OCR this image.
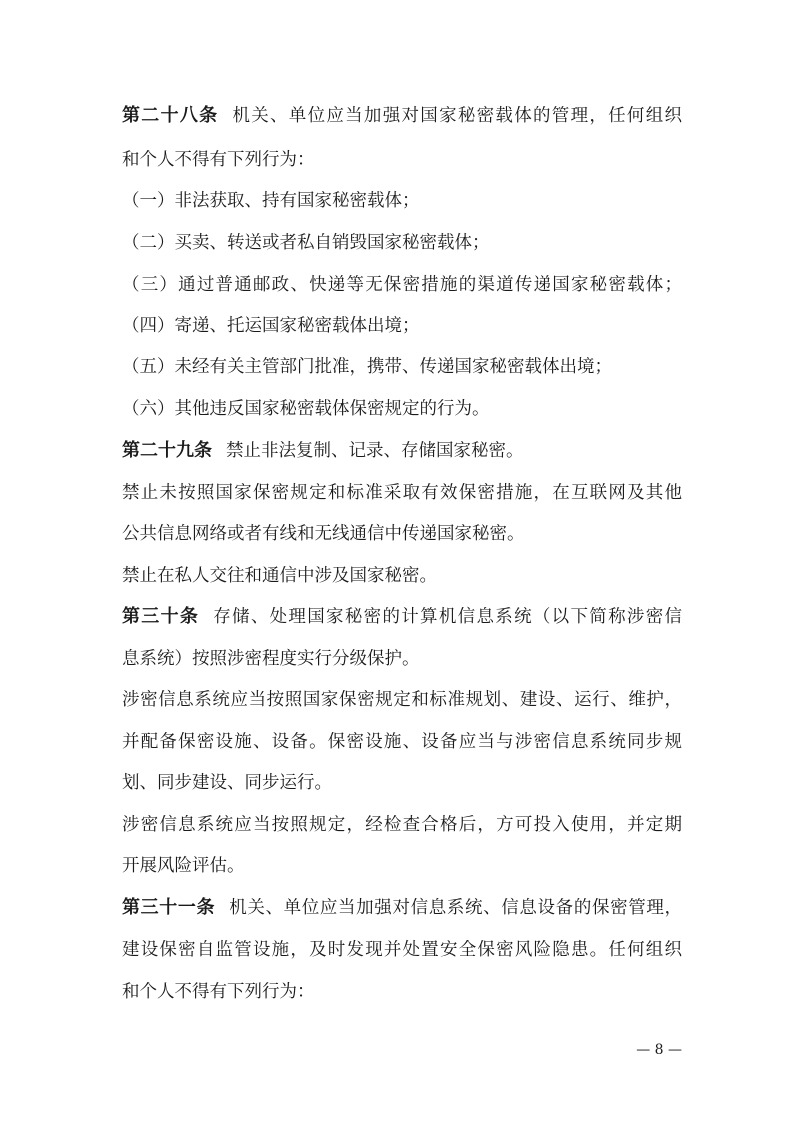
第二十八条 机关、单位应当加强对国家秘密载体的管理，任何组织
和个人不得有下列行为：
（一）非法获取、持有国家秘密载体；
（二）买卖、转送或者私自销毁国家秘密载体；
（三）通过普通邮政、快递等无保密措施的渠道传递国家秘密载体；
（四）寄递、托运国家秘密载体出境；
（五）未经有关主管部门批准，携带、传递国家秘密载体出境；
（六）其他违反国家秘密载体保密规定的行为。
第二十九条 禁止非法复制、记录、存储国家秘密。
禁止未按照国家保密规定和标准采取有效保密措施，在互联网及其他
公共信息网络或者有线和无线通信中传递国家秘密。
禁止在私人交往和通信中涉及国家秘密。
第三十条 存储、处理国家秘密的计算机信息系统（以下简称涉密信
息系统）按照涉密程度实行分级保护。
涉密信息系统应当按照国家保密规定和标准规划、建设、运行、维护，
并配备保密设施、设备。保密设施、设备应当与涉密信息系统同步规
划、同步建设、同步运行。
涉密信息系统应当按照规定，经检查合格后，方可投入使用，并定期
开展风险评估。
第三十一条 机关、单位应当加强对信息系统、信息设备的保密管理，
建设保密自监管设施，及时发现并处置安全保密风险隐患。任何组织
和个人不得有下列行为：
— 8 —
